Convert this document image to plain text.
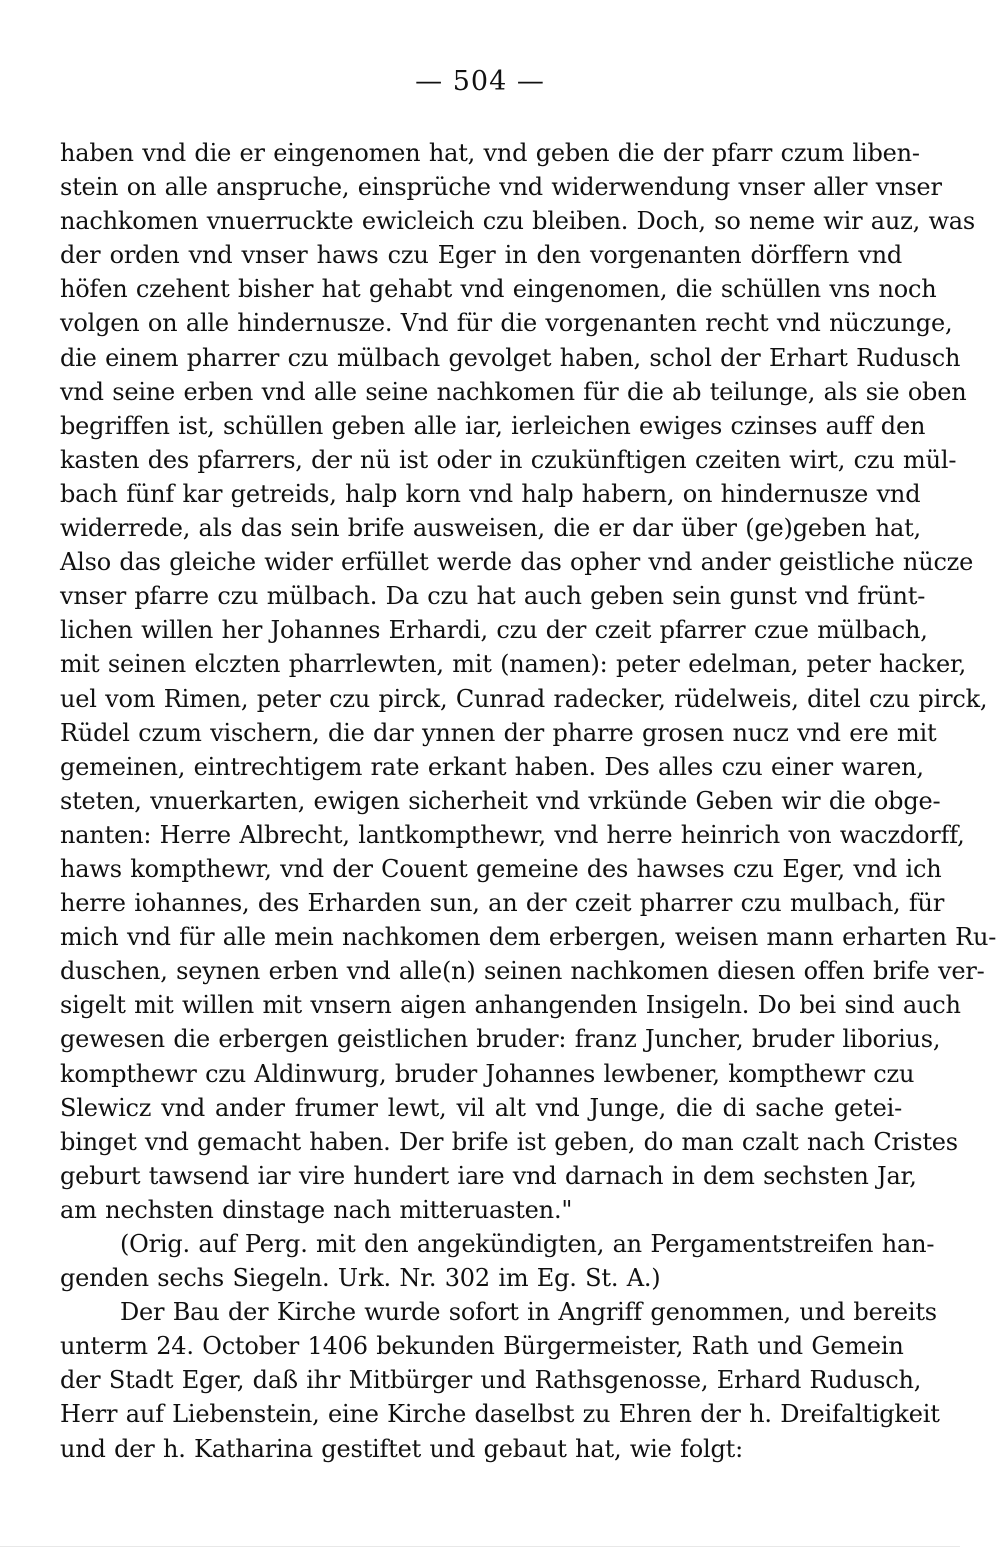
— 504 —
haben vnd die er eingenomen hat, vnd geben die der pfarr czum liben-
stein on alle anspruche, einsprüche vnd widerwendung vnser aller vnser
nachkomen vnuerruckte ewicleich czu bleiben. Doch, so neme wir auz, was
der orden vnd vnser haws czu Eger in den vorgenanten dörffern vnd
höfen czehent bisher hat gehabt vnd eingenomen, die schüllen vns noch
volgen on alle hindernusze. Vnd für die vorgenanten recht vnd nüczunge,
die einem pharrer czu mülbach gevolget haben, schol der Erhart Rudusch
vnd seine erben vnd alle seine nachkomen für die ab teilunge, als sie oben
begriffen ist, schüllen geben alle iar, ierleichen ewiges czinses auff den
kasten des pfarrers, der nü ist oder in czukünftigen czeiten wirt, czu mül-
bach fünf kar getreids, halp korn vnd halp habern, on hindernusze vnd
widerrede, als das sein brife ausweisen, die er dar über (ge)geben hat,
Also das gleiche wider erfüllet werde das opher vnd ander geistliche nücze
vnser pfarre czu mülbach. Da czu hat auch geben sein gunst vnd frünt-
lichen willen her Johannes Erhardi, czu der czeit pfarrer czue mülbach,
mit seinen elczten pharrlewten, mit (namen): peter edelman, peter hacker,
uel vom Rimen, peter czu pirck, Cunrad radecker, rüdelweis, ditel czu pirck,
Rüdel czum vischern, die dar ynnen der pharre grosen nucz vnd ere mit
gemeinen, eintrechtigem rate erkant haben. Des alles czu einer waren,
steten, vnuerkarten, ewigen sicherheit vnd vrkünde Geben wir die obge-
nanten: Herre Albrecht, lantkompthewr, vnd herre heinrich von waczdorff,
haws kompthewr, vnd der Couent gemeine des hawses czu Eger, vnd ich
herre iohannes, des Erharden sun, an der czeit pharrer czu mulbach, für
mich vnd für alle mein nachkomen dem erbergen, weisen mann erharten Ru-
duschen, seynen erben vnd alle(n) seinen nachkomen diesen offen brife ver-
sigelt mit willen mit vnsern aigen anhangenden Insigeln. Do bei sind auch
gewesen die erbergen geistlichen bruder: franz Juncher, bruder liborius,
kompthewr czu Aldinwurg, bruder Johannes lewbener, kompthewr czu
Slewicz vnd ander frumer lewt, vil alt vnd Junge, die di sache getei-
binget vnd gemacht haben. Der brife ist geben, do man czalt nach Cristes
geburt tawsend iar vire hundert iare vnd darnach in dem sechsten Jar,
am nechsten dinstage nach mitteruasten."
(Orig. auf Perg. mit den angekündigten, an Pergamentstreifen han-
genden sechs Siegeln. Urk. Nr. 302 im Eg. St. A.)
Der Bau der Kirche wurde sofort in Angriff genommen, und bereits
unterm 24. October 1406 bekunden Bürgermeister, Rath und Gemein
der Stadt Eger, daß ihr Mitbürger und Rathsgenosse, Erhard Rudusch,
Herr auf Liebenstein, eine Kirche daselbst zu Ehren der h. Dreifaltigkeit
und der h. Katharina gestiftet und gebaut hat, wie folgt:
